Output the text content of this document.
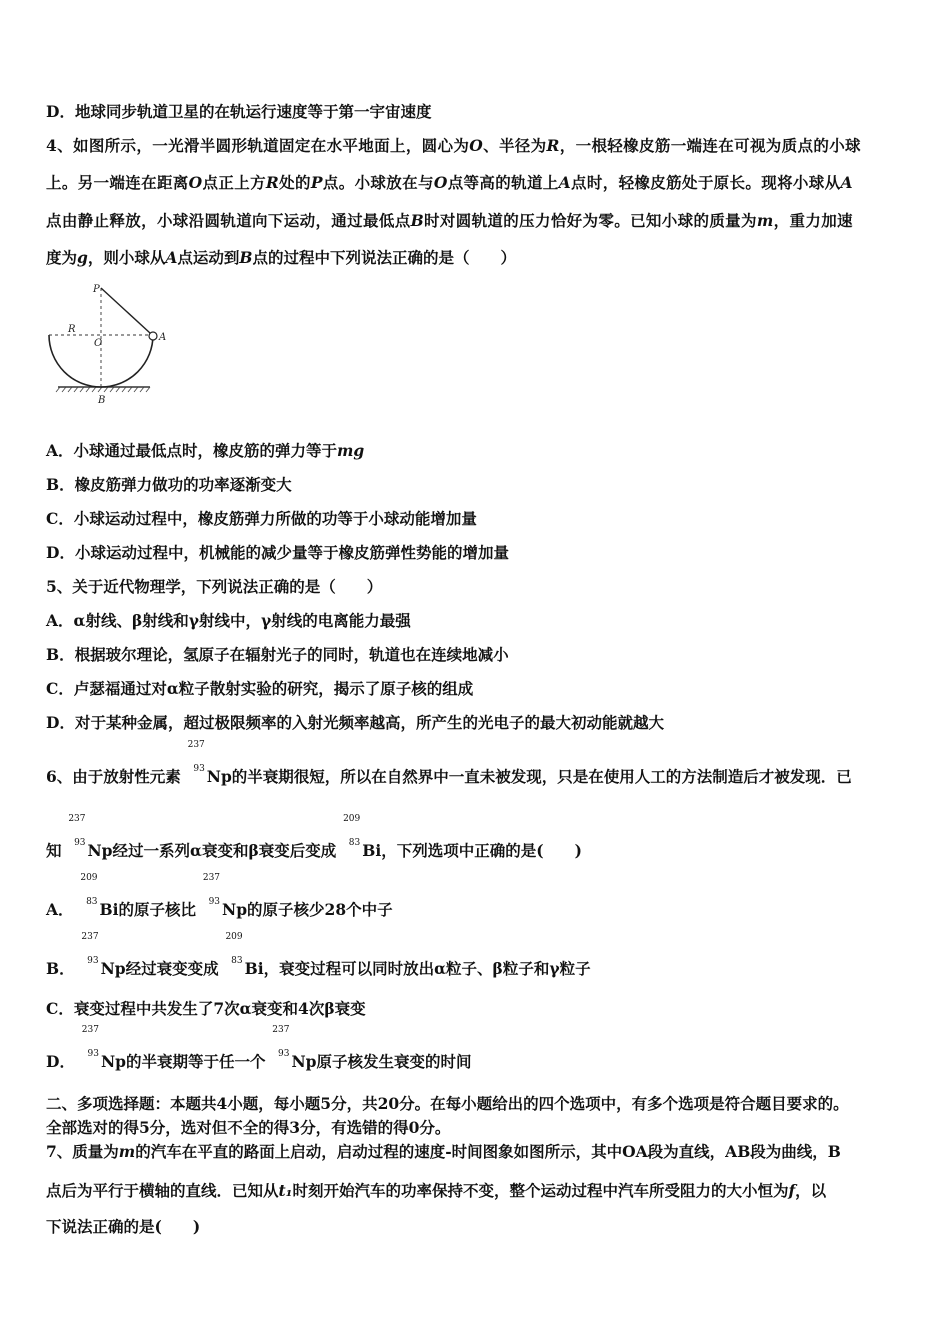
D．地球同步轨道卫星的在轨运行速度等于第一宇宙速度
4、如图所示，一光滑半圆形轨道固定在水平地面上，圆心为O、半径为R，一根轻橡皮筋一端连在可视为质点的小球
上。另一端连在距离O点正上方R处的P点。小球放在与O点等高的轨道上A点时，轻橡皮筋处于原长。现将小球从A
点由静止释放，小球沿圆轨道向下运动，通过最低点B时对圆轨道的压力恰好为零。已知小球的质量为m，重力加速
度为g，则小球从A点运动到B点的过程中下列说法正确的是（　　）
P
R
O
A
B
A．小球通过最低点时，橡皮筋的弹力等于mg
B．橡皮筋弹力做功的功率逐渐变大
C．小球运动过程中，橡皮筋弹力所做的功等于小球动能增加量
D．小球运动过程中，机械能的减少量等于橡皮筋弹性势能的增加量
5、关于近代物理学，下列说法正确的是（　　）
A．α射线、β射线和γ射线中，γ射线的电离能力最强
B．根据玻尔理论，氢原子在辐射光子的同时，轨道也在连续地减小
C．卢瑟福通过对α粒子散射实验的研究，揭示了原子核的组成
D．对于某种金属，超过极限频率的入射光频率越高，所产生的光电子的最大初动能就越大
6、由于放射性元素
237
93 Np的半衰期很短，所以在自然界中一直未被发现，只是在使用人工的方法制造后才被发现．已
知
237
93 Np经过一系列α衰变和β衰变后变成
209
83 Bi，下列选项中正确的是(　　)
A．
209
83 Bi的原子核比
237
93 Np的原子核少28个中子
B．
237
93 Np经过衰变变成
209
83 Bi，衰变过程可以同时放出α粒子、β粒子和γ粒子
C．衰变过程中共发生了7次α衰变和4次β衰变
D．
237
93 Np的半衰期等于任一个
237
93 Np原子核发生衰变的时间
二、多项选择题：本题共4小题，每小题5分，共20分。在每小题给出的四个选项中，有多个选项是符合题目要求的。
全部选对的得5分，选对但不全的得3分，有选错的得0分。
7、质量为m的汽车在平直的路面上启动，启动过程的速度-时间图象如图所示，其中OA段为直线，AB段为曲线，B
点后为平行于横轴的直线．已知从t₁时刻开始汽车的功率保持不变，整个运动过程中汽车所受阻力的大小恒为f，以
下说法正确的是(　　)
